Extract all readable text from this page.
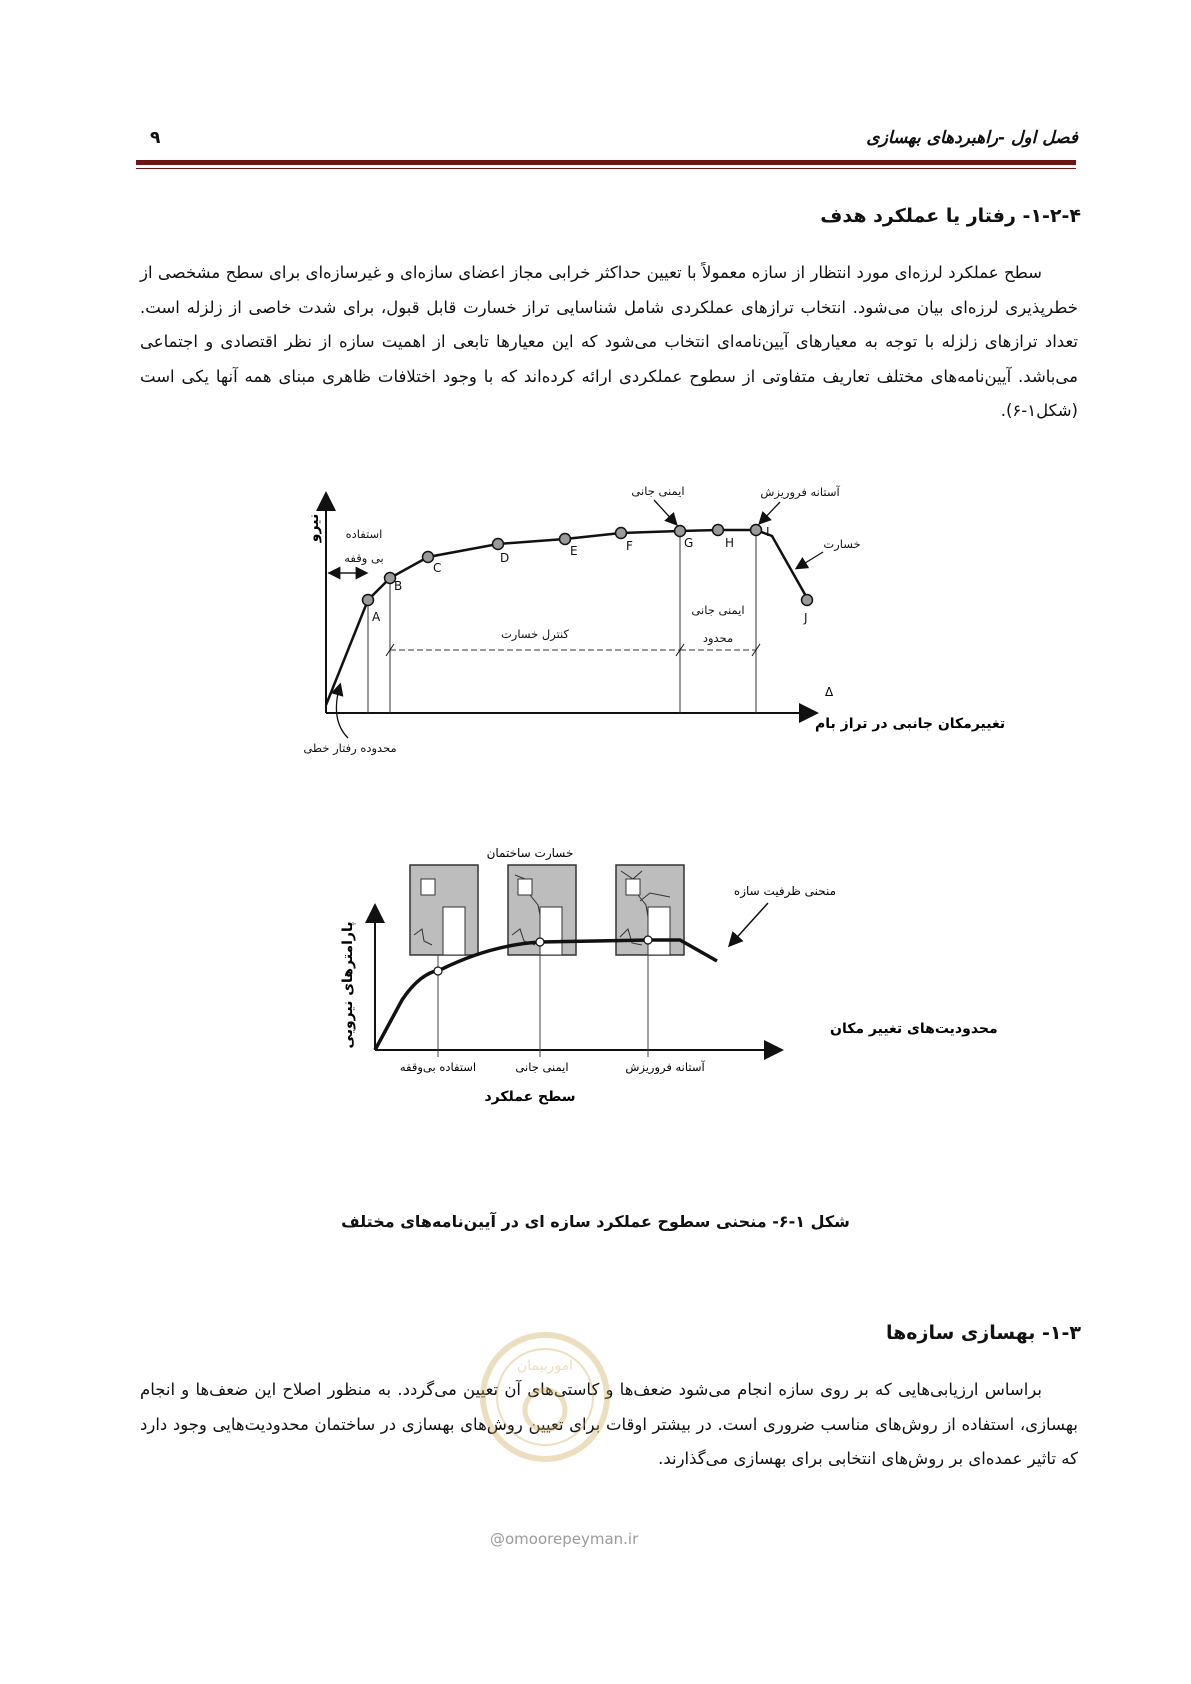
فصل اول -راهبردهای بهسازی
۹
۱-۲-۴- رفتار یا عملکرد هدف

سطح عملکرد لرزه‌ای مورد انتظار از سازه معمولاً با تعیین حداکثر خرابی مجاز اعضای سازه‌ای و غیرسازه‌ای برای سطح مشخصی از خطرپذیری لرزه‌ای بیان می‌شود. انتخاب ترازهای عملکردی شامل شناسایی تراز خسارت قابل قبول، برای شدت خاصی از زلزله است. تعداد ترازهای زلزله با توجه به معیارهای آیین‌نامه‌ای انتخاب می‌شود که این معیارها تابعی از اهمیت سازه از نظر اقتصادی و اجتماعی می‌باشد. آیین‌نامه‌های مختلف تعاریف متفاوتی از سطوح عملکردی ارائه کرده‌اند که با وجود اختلافات ظاهری مبنای همه آنها یکی است (شکل۱-۶).

A
B
C
D	E	F	G	H
I
J
استفاده
بی وقفه
ایمنی جانی	آستانه فروریزش
خسارت
کنترل خسارت
ایمنی جانی
محدود
محدوده رفتار خطی
نیرو
تغییرمکان جانبی در تراز بام
Δ
خسارت ساختمان
منحنی ظرفیت سازه
پارامترهای نیرویی	محدودیت‌های تغییر مکان
استفاده بی‌وقفه	ایمنی جانی	آستانه فروریزش
سطح عملکرد
شکل ۱-۶- منحنی سطوح عملکرد سازه ای در آیین‌نامه‌های مختلف
۱-۳- بهسازی سازه‌ها

براساس ارزیابی‌هایی که بر روی سازه انجام می‌شود ضعف‌ها و کاستی‌های آن تعیین می‌گردد. به منظور اصلاح این ضعف‌ها و انجام بهسازی، استفاده از روش‌های مناسب ضروری است. در بیشتر اوقات برای تعیین روش‌های بهسازی در ساختمان محدودیت‌هایی وجود دارد که تاثیر عمده‌ای بر روش‌های انتخابی برای بهسازی می‌گذارند.

امورپیمان
@omoorepeyman.ir
